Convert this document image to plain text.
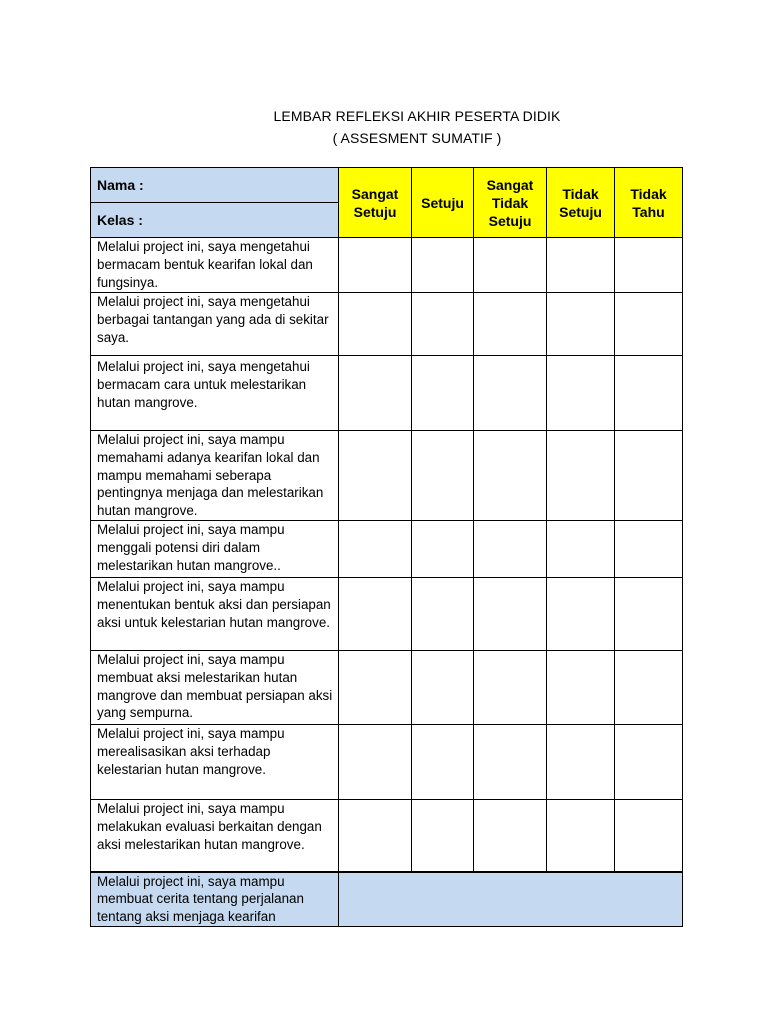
LEMBAR REFLEKSI AKHIR PESERTA DIDIK
( ASSESMENT SUMATIF )
Nama :	Sangat Setuju	Setuju	Sangat Tidak Setuju	Tidak Setuju	Tidak Tahu
Kelas :					
Melalui project ini, saya mengetahui bermacam bentuk kearifan lokal dan fungsinya.					
Melalui project ini, saya mengetahui berbagai tantangan yang ada di sekitar saya.					
Melalui project ini, saya mengetahui bermacam cara untuk melestarikan hutan mangrove.					
Melalui project ini, saya mampu memahami adanya kearifan lokal dan mampu memahami seberapa pentingnya menjaga dan melestarikan hutan mangrove.					
Melalui project ini, saya mampu menggali potensi diri dalam melestarikan hutan mangrove..					
Melalui project ini, saya mampu menentukan bentuk aksi dan persiapan aksi untuk kelestarian hutan mangrove.					
Melalui project ini, saya mampu membuat aksi melestarikan hutan mangrove dan membuat persiapan aksi yang sempurna.					
Melalui project ini, saya mampu merealisasikan aksi terhadap kelestarian hutan mangrove.					
Melalui project ini, saya mampu melakukan evaluasi berkaitan dengan aksi melestarikan hutan mangrove.					
Melalui project ini, saya mampu membuat cerita tentang perjalanan tentang aksi menjaga kearifan					
